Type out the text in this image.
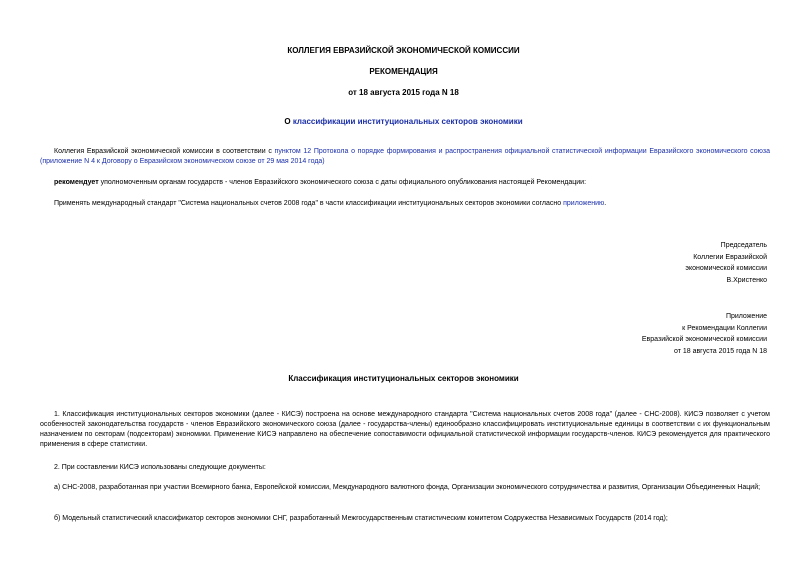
КОЛЛЕГИЯ ЕВРАЗИЙСКОЙ ЭКОНОМИЧЕСКОЙ КОМИССИИ
РЕКОМЕНДАЦИЯ
от 18 августа 2015 года N 18
О классификации институциональных секторов экономики
Коллегия Евразийской экономической комиссии в соответствии с пунктом 12 Протокола о порядке формирования и распространения официальной статистической информации Евразийского экономического союза (приложение N 4 к Договору о Евразийском экономическом союзе от 29 мая 2014 года)
рекомендует уполномоченным органам государств - членов Евразийского экономического союза с даты официального опубликования настоящей Рекомендации:
Применять международный стандарт "Система национальных счетов 2008 года" в части классификации институциональных секторов экономики согласно приложению.
Председатель
Коллегии Евразийской
экономической комиссии
В.Христенко
Приложение
к Рекомендации Коллегии
Евразийской экономической комиссии
от 18 августа 2015 года N 18
Классификация институциональных секторов экономики
1. Классификация институциональных секторов экономики (далее - КИСЭ) построена на основе международного стандарта "Система национальных счетов 2008 года" (далее - СНС-2008). КИСЭ позволяет с учетом особенностей законодательства государств - членов Евразийского экономического союза (далее - государства-члены) единообразно классифицировать институциональные единицы в соответствии с их функциональным назначением по секторам (подсекторам) экономики. Применение КИСЭ направлено на обеспечение сопоставимости официальной статистической информации государств-членов. КИСЭ рекомендуется для практического применения в сфере статистики.
2. При составлении КИСЭ использованы следующие документы:
а) СНС-2008, разработанная при участии Всемирного банка, Европейской комиссии, Международного валютного фонда, Организации экономического сотрудничества и развития, Организации Объединенных Наций;
б) Модельный статистический классификатор секторов экономики СНГ, разработанный Межгосударственным статистическим комитетом Содружества Независимых Государств (2014 год);
